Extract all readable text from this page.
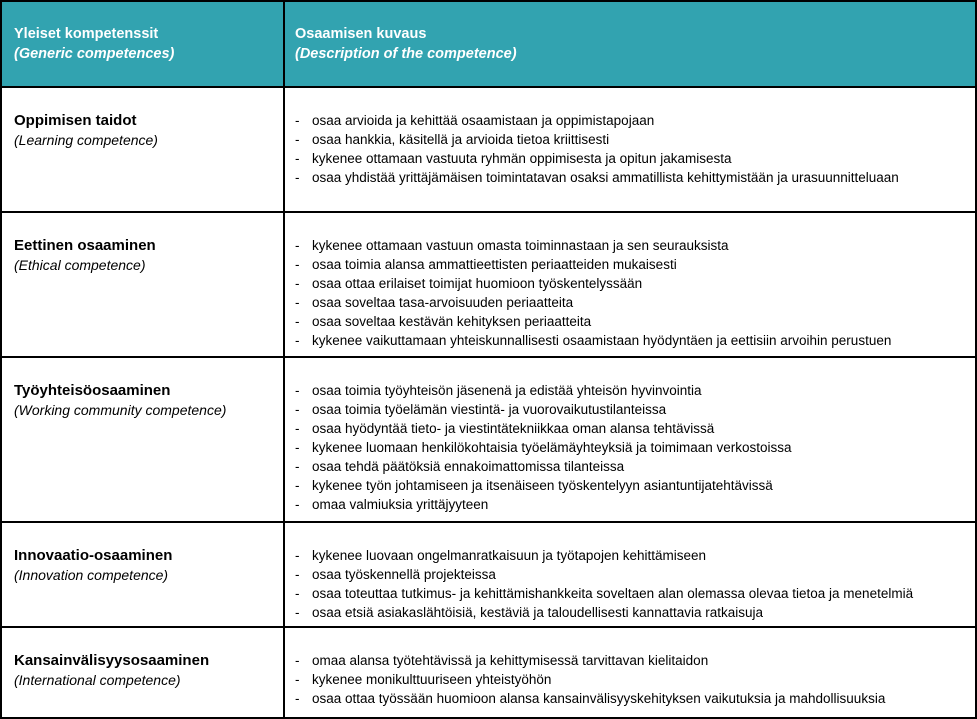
Yleiset kompetenssit
(Generic competences)
Osaamisen kuvaus
(Description of the competence)
Oppimisen taidot
(Learning competence)
- osaa arvioida ja kehittää osaamistaan ja oppimistapojaan
- osaa hankkia, käsitellä ja arvioida tietoa kriittisesti
- kykenee ottamaan vastuuta ryhmän oppimisesta ja opitun jakamisesta
- osaa yhdistää yrittäjämäisen toimintatavan osaksi ammatillista kehittymistään ja urasuunnitteluaan
Eettinen osaaminen
(Ethical competence)
- kykenee ottamaan vastuun omasta toiminnastaan ja sen seurauksista
- osaa toimia alansa ammattieettisten periaatteiden mukaisesti
- osaa ottaa erilaiset toimijat huomioon työskentelyssään
- osaa soveltaa tasa-arvoisuuden periaatteita
- osaa soveltaa kestävän kehityksen periaatteita
- kykenee vaikuttamaan yhteiskunnallisesti osaamistaan hyödyntäen ja eettisiin arvoihin perustuen
Työyhteisöosaaminen
(Working community competence)
- osaa toimia työyhteisön jäsenenä ja edistää yhteisön hyvinvointia
- osaa toimia työelämän viestintä- ja vuorovaikutustilanteissa
- osaa hyödyntää tieto- ja viestintätekniikkaa oman alansa tehtävissä
- kykenee luomaan henkilökohtaisia työelämäyhteyksiä ja toimimaan verkostoissa
- osaa tehdä päätöksiä ennakoimattomissa tilanteissa
- kykenee työn johtamiseen ja itsenäiseen työskentelyyn asiantuntijatehtävissä
- omaa valmiuksia yrittäjyyteen
Innovaatio-osaaminen
(Innovation competence)
- kykenee luovaan ongelmanratkaisuun ja työtapojen kehittämiseen
- osaa työskennellä projekteissa
- osaa toteuttaa tutkimus- ja kehittämishankkeita soveltaen alan olemassa olevaa tietoa ja menetelmiä
- osaa etsiä asiakaslähtöisiä, kestäviä ja taloudellisesti kannattavia ratkaisuja
Kansainvälisyysosaaminen
(International competence)
- omaa alansa työtehtävissä ja kehittymisessä tarvittavan kielitaidon
- kykenee monikulttuuriseen yhteistyöhön
- osaa ottaa työssään huomioon alansa kansainvälisyyskehityksen vaikutuksia ja mahdollisuuksia
